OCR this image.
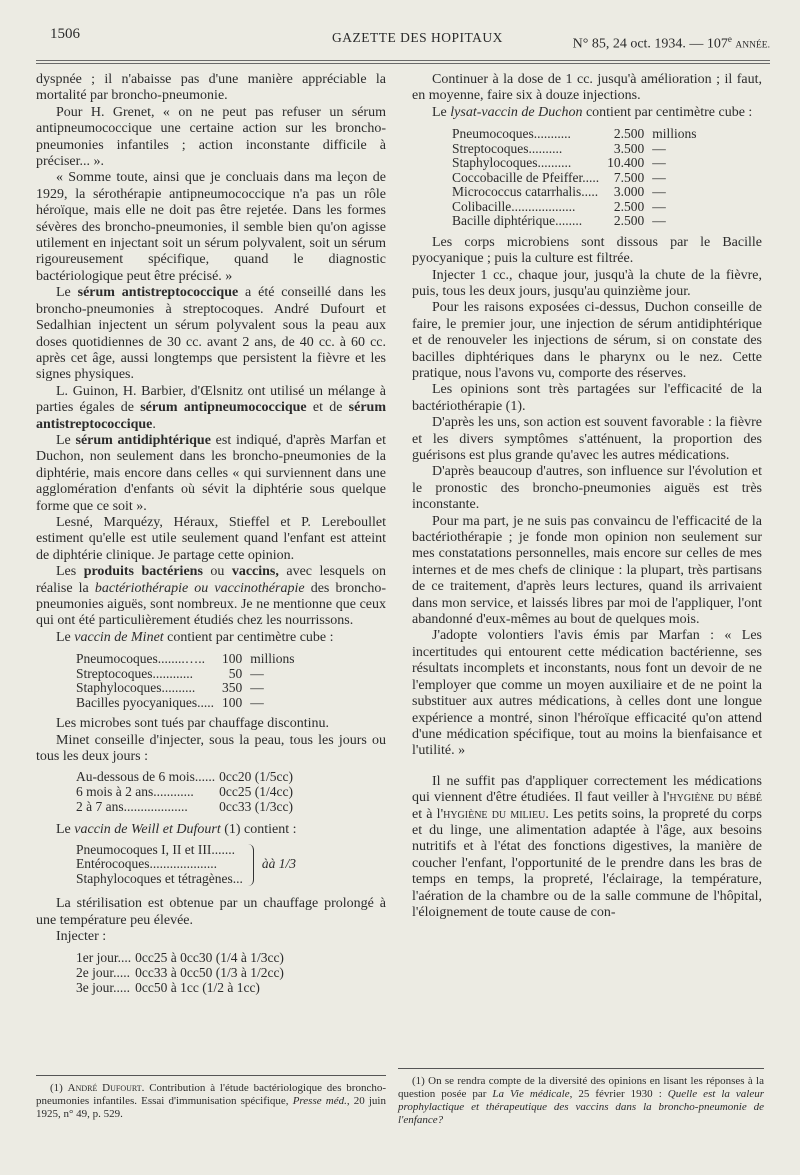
1506	GAZETTE DES HOPITAUX	N° 85, 24 oct. 1934. — 107e ANNÉE.

dyspnée ; il n'abaisse pas d'une manière appréciable la mortalité par broncho-pneumonie.

Pour H. Grenet, « on ne peut pas refuser un sérum antipneumococcique une certaine action sur les broncho-pneumonies infantiles ; action inconstante difficile à préciser... ».

« Somme toute, ainsi que je concluais dans ma leçon de 1929, la sérothérapie antipneumococcique n'a pas un rôle héroïque, mais elle ne doit pas être rejetée. Dans les formes sévères des broncho-pneumonies, il semble bien qu'on agisse utilement en injectant soit un sérum polyvalent, soit un sérum rigoureusement spécifique, quand le diagnostic bactériologique peut être précisé. »

Le sérum antistreptococcique a été conseillé dans les broncho-pneumonies à streptocoques. André Dufourt et Sedalhian injectent un sérum polyvalent sous la peau aux doses quotidiennes de 30 cc. avant 2 ans, de 40 cc. à 60 cc. après cet âge, aussi longtemps que persistent la fièvre et les signes physiques.

L. Guinon, H. Barbier, d'Œlsnitz ont utilisé un mélange à parties égales de sérum antipneumococcique et de sérum antistreptococcique.

Le sérum antidiphtérique est indiqué, d'après Marfan et Duchon, non seulement dans les broncho-pneumonies de la diphtérie, mais encore dans celles « qui surviennent dans une agglomération d'enfants où sévit la diphtérie sous quelque forme que ce soit ».

Lesné, Marquézy, Héraux, Stieffel et P. Lereboullet estiment qu'elle est utile seulement quand l'enfant est atteint de diphtérie clinique. Je partage cette opinion.

Les produits bactériens ou vaccins, avec lesquels on réalise la bactériothérapie ou vaccinothérapie des broncho-pneumonies aiguës, sont nombreux. Je ne mentionne que ceux qui ont été particulièrement étudiés chez les nourrissons.

Le vaccin de Minet contient par centimètre cube :

Pneumocoques........…..	100	millions
Streptocoques............	50	—
Staphylocoques..........	350	—
Bacilles pyocyaniques.....	100	—

Les microbes sont tués par chauffage discontinu.

Minet conseille d'injecter, sous la peau, tous les jours ou tous les deux jours :

Au-dessous de 6 mois......	0cc20 (1/5cc)
6 mois à 2 ans............	0cc25 (1/4cc)
2 à 7 ans...................	0cc33 (1/3cc)

Le vaccin de Weill et Dufourt (1) contient :

Pneumocoques I, II et III.......
Entérocoques....................
Staphylocoques et tétragènes...
àà 1/3

La stérilisation est obtenue par un chauffage prolongé à une température peu élevée.

Injecter :

1er jour....	0cc25 à 0cc30 (1/4 à 1/3cc)
2e jour.....	0cc33 à 0cc50 (1/3 à 1/2cc)
3e jour.....	0cc50 à 1cc (1/2 à 1cc)

(1) André Dufourt. Contribution à l'étude bactériologique des broncho-pneumonies infantiles. Essai d'immunisation spécifique, Presse méd., 20 juin 1925, n° 49, p. 529.

Continuer à la dose de 1 cc. jusqu'à amélioration ; il faut, en moyenne, faire six à douze injections.

Le lysat-vaccin de Duchon contient par centimètre cube :

Pneumocoques...........	2.500	millions
Streptocoques..........	3.500	—
Staphylocoques..........	10.400	—
Coccobacille de Pfeiffer.....	7.500	—
Micrococcus catarrhalis.....	3.000	—
Colibacille...................	2.500	—
Bacille diphtérique........	2.500	—

Les corps microbiens sont dissous par le Bacille pyocyanique ; puis la culture est filtrée.

Injecter 1 cc., chaque jour, jusqu'à la chute de la fièvre, puis, tous les deux jours, jusqu'au quinzième jour.

Pour les raisons exposées ci-dessus, Duchon conseille de faire, le premier jour, une injection de sérum antidiphtérique et de renouveler les injections de sérum, si on constate des bacilles diphtériques dans le pharynx ou le nez. Cette pratique, nous l'avons vu, comporte des réserves.

Les opinions sont très partagées sur l'efficacité de la bactériothérapie (1).

D'après les uns, son action est souvent favorable : la fièvre et les divers symptômes s'atténuent, la proportion des guérisons est plus grande qu'avec les autres médications.

D'après beaucoup d'autres, son influence sur l'évolution et le pronostic des broncho-pneumonies aiguës est très inconstante.

Pour ma part, je ne suis pas convaincu de l'efficacité de la bactériothérapie ; je fonde mon opinion non seulement sur mes constatations personnelles, mais encore sur celles de mes internes et de mes chefs de clinique : la plupart, très partisans de ce traitement, d'après leurs lectures, quand ils arrivaient dans mon service, et laissés libres par moi de l'appliquer, l'ont abandonné d'eux-mêmes au bout de quelques mois.

J'adopte volontiers l'avis émis par Marfan : « Les incertitudes qui entourent cette médication bactérienne, ses résultats incomplets et inconstants, nous font un devoir de ne l'employer que comme un moyen auxiliaire et de ne point la substituer aux autres médications, à celles dont une longue expérience a montré, sinon l'héroïque efficacité qu'on attend d'une médication spécifique, tout au moins la bienfaisance et l'utilité. »

Il ne suffit pas d'appliquer correctement les médications qui viennent d'être étudiées. Il faut veiller à l'hygiène du bébé et à l'hygiène du milieu. Les petits soins, la propreté du corps et du linge, une alimentation adaptée à l'âge, aux besoins nutritifs et à l'état des fonctions digestives, la manière de coucher l'enfant, l'opportunité de le prendre dans les bras de temps en temps, la propreté, l'éclairage, la température, l'aération de la chambre ou de la salle commune de l'hôpital, l'éloignement de toute cause de con-

(1) On se rendra compte de la diversité des opinions en lisant les réponses à la question posée par La Vie médicale, 25 février 1930 : Quelle est la valeur prophylactique et thérapeutique des vaccins dans la broncho-pneumonie de l'enfance?
